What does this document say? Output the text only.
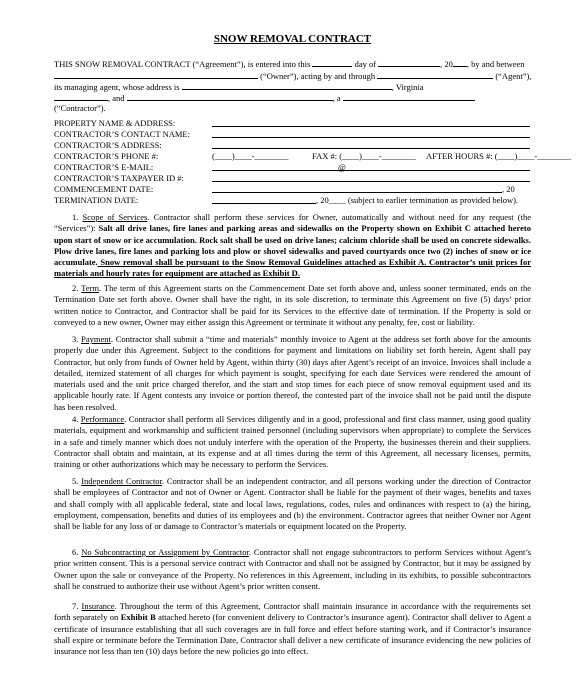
SNOW REMOVAL CONTRACT
THIS SNOW REMOVAL CONTRACT (“Agreement”), is entered into this	day of	, 20 , by and between
(“Owner”), acting by and through	(“Agent”),
its managing agent, whose address is	, Virginia
, and	, a
(“Contractor”).
PROPERTY NAME & ADDRESS:
CONTRACTOR’S CONTACT NAME:
CONTRACTOR’S ADDRESS:
CONTRACTOR’S PHONE #:	(____)____-________	FAX #: (____)____-________ AFTER HOURS #: (____)____-________
CONTRACTOR’S E-MAIL:	@
CONTRACTOR’S TAXPAYER ID #:
COMMENCEMENT DATE:	, 20
TERMINATION DATE:	, 20____ (subject to earlier termination as provided below).

1. Scope of Services. Contractor shall perform these services for Owner, automatically and without need for any request (the “Services”): Salt all drive lanes, fire lanes and parking areas and sidewalks on the Property shown on Exhibit C attached hereto upon start of snow or ice accumulation. Rock salt shall be used on drive lanes; calcium chloride shall be used on concrete sidewalks. Plow drive lanes, fire lanes and parking lots and plow or shovel sidewalks and paved courtyards once two (2) inches of snow or ice accumulate. Snow removal shall be pursuant to the Snow Removal Guidelines attached as Exhibit A. Contractor’s unit prices for materials and hourly rates for equipment are attached as Exhibit D.

2. Term. The term of this Agreement starts on the Commencement Date set forth above and, unless sooner terminated, ends on the Termination Date set forth above. Owner shall have the right, in its sole discretion, to terminate this Agreement on five (5) days’ prior written notice to Contractor, and Contractor shall be paid for its Services to the effective date of termination. If the Property is sold or conveyed to a new owner, Owner may either assign this Agreement or terminate it without any penalty, fee, cost or liability.

3. Payment. Contractor shall submit a “time and materials” monthly invoice to Agent at the address set forth above for the amounts properly due under this Agreement. Subject to the conditions for payment and limitations on liability set forth herein, Agent shall pay Contractor, but only from funds of Owner held by Agent, within thirty (30) days after Agent’s receipt of an invoice. Invoices shall include a detailed, itemized statement of all charges for which payment is sought, specifying for each date Services were rendered the amount of materials used and the unit price charged therefor, and the start and stop times for each piece of snow removal equipment used and its applicable hourly rate. If Agent contests any invoice or portion thereof, the contested part of the invoice shall not be paid until the dispute has been resolved.

4. Performance. Contractor shall perform all Services diligently and in a good, professional and first class manner, using good quality materials, equipment and workmanship and sufficient trained personnel (including supervisors when appropriate) to complete the Services in a safe and timely manner which does not unduly interfere with the operation of the Property, the businesses therein and their suppliers. Contractor shall obtain and maintain, at its expense and at all times during the term of this Agreement, all necessary licenses, permits, training or other authorizations which may be necessary to perform the Services.

5. Independent Contractor. Contractor shall be an independent contractor, and all persons working under the direction of Contractor shall be employees of Contractor and not of Owner or Agent. Contractor shall be liable for the payment of their wages, benefits and taxes and shall comply with all applicable federal, state and local laws, regulations, codes, rules and ordinances with respect to (a) the hiring, employment, compensation, benefits and duties of its employees and (b) the environment. Contractor agrees that neither Owner nor Agent shall be liable for any loss of or damage to Contractor’s materials or equipment located on the Property.

6. No Subcontracting or Assignment by Contractor. Contractor shall not engage subcontractors to perform Services without Agent’s prior written consent. This is a personal service contract with Contractor and shall not be assigned by Contractor, but it may be assigned by Owner upon the sale or conveyance of the Property. No references in this Agreement, including in its exhibits, to possible subcontractors shall be construed to authorize their use without Agent’s prior written consent.

7. Insurance. Throughout the term of this Agreement, Contractor shall maintain insurance in accordance with the requirements set forth separately on Exhibit B attached hereto (for convenient delivery to Contractor’s insurance agent). Contractor shall deliver to Agent a certificate of insurance establishing that all such coverages are in full force and effect before starting work, and if Contractor’s insurance shall expire or terminate before the Termination Date, Contractor shall deliver a new certificate of insurance evidencing the new policies of insurance not less than ten (10) days before the new policies go into effect.
